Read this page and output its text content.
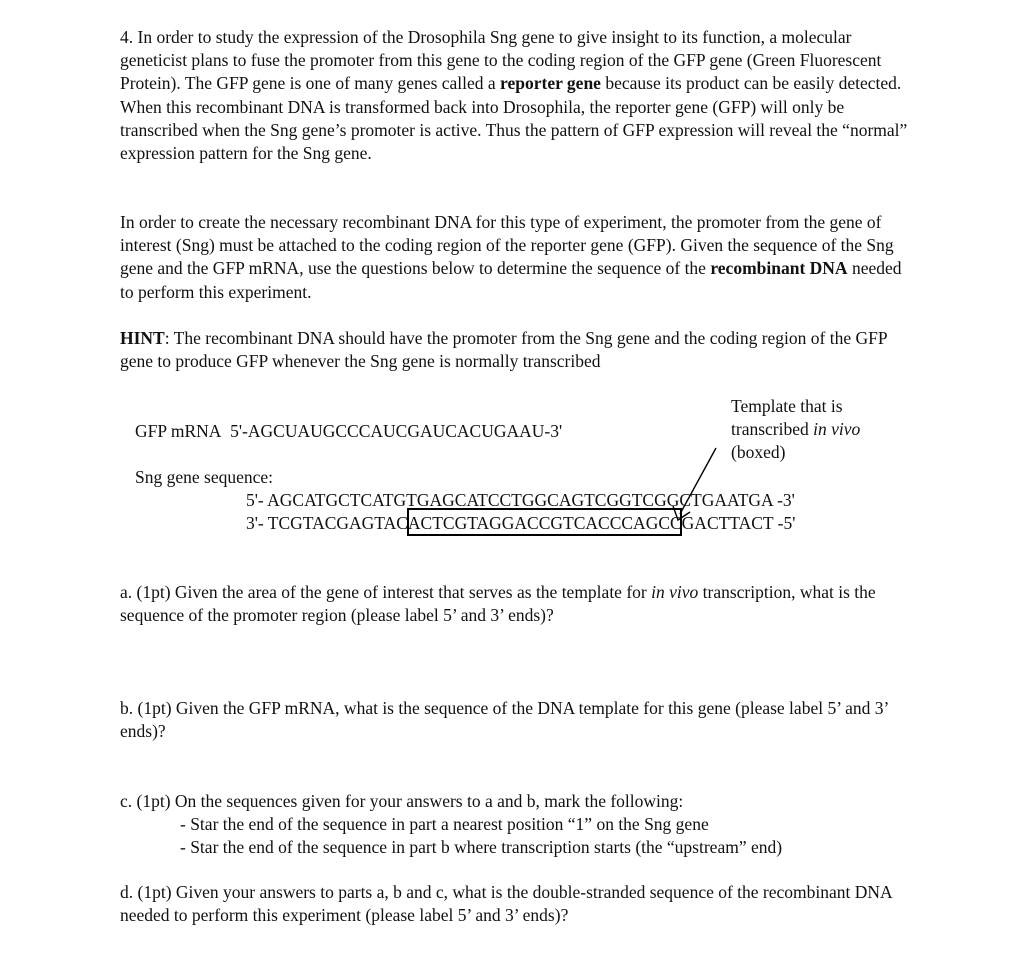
4. In order to study the expression of the Drosophila Sng gene to give insight to its function, a molecular geneticist plans to fuse the promoter from this gene to the coding region of the GFP gene (Green Fluorescent Protein). The GFP gene is one of many genes called a reporter gene because its product can be easily detected. When this recombinant DNA is transformed back into Drosophila, the reporter gene (GFP) will only be transcribed when the Sng gene’s promoter is active. Thus the pattern of GFP expression will reveal the “normal” expression pattern for the Sng gene.
In order to create the necessary recombinant DNA for this type of experiment, the promoter from the gene of interest (Sng) must be attached to the coding region of the reporter gene (GFP). Given the sequence of the Sng gene and the GFP mRNA, use the questions below to determine the sequence of the recombinant DNA needed to perform this experiment.
HINT: The recombinant DNA should have the promoter from the Sng gene and the coding region of the GFP gene to produce GFP whenever the Sng gene is normally transcribed
GFP mRNA 5'-AGCUAUGCCCAUCGAUCACUGAAU-3'
Template that is
transcribed in vivo
(boxed)
Sng gene sequence:
5'- AGCATGCTCATGTGAGCATCCTGGCAGTCGGTCGGCTGAATGA -3'
3'- TCGTACGAGTACACTCGTAGGACCGTCACCCAGCCGACTTACT -5'
a. (1pt) Given the area of the gene of interest that serves as the template for in vivo transcription, what is the sequence of the promoter region (please label 5’ and 3’ ends)?
b. (1pt) Given the GFP mRNA, what is the sequence of the DNA template for this gene (please label 5’ and 3’ ends)?
c. (1pt) On the sequences given for your answers to a and b, mark the following:
- Star the end of the sequence in part a nearest position “1” on the Sng gene
- Star the end of the sequence in part b where transcription starts (the “upstream” end)
d. (1pt) Given your answers to parts a, b and c, what is the double-stranded sequence of the recombinant DNA needed to perform this experiment (please label 5’ and 3’ ends)?
